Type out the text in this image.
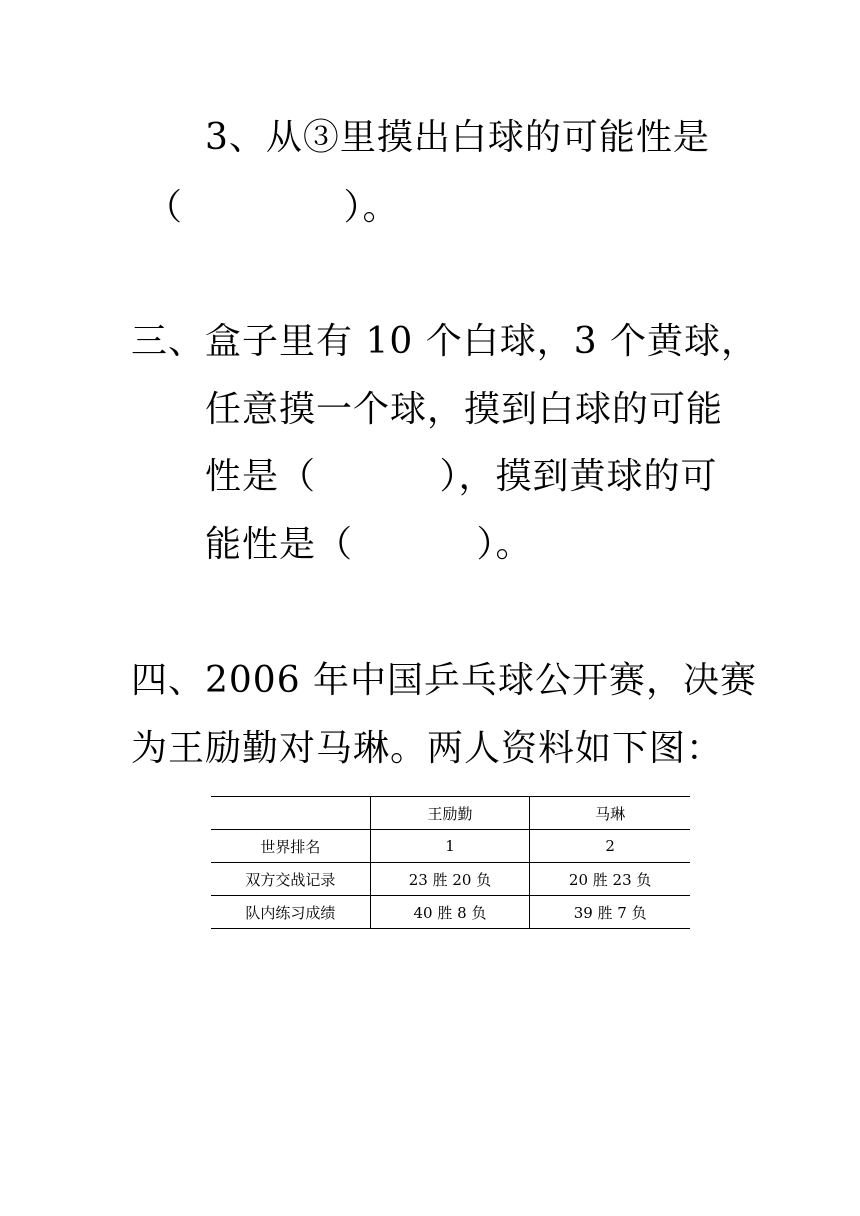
3、从③里摸出白球的可能性是
（　　　　 ）。
三、盒子里有 10 个白球，3 个黄球，
任意摸一个球，摸到白球的可能
性是（　　　 ），摸到黄球的可
能性是（　　　 ）。
四、2006 年中国乒乓球公开赛，决赛
为王励勤对马琳。两人资料如下图：
	王励勤	马琳
世界排名	1	2
双方交战记录	23 胜 20 负	20 胜 23 负
队内练习成绩	40 胜 8 负	39 胜 7 负
